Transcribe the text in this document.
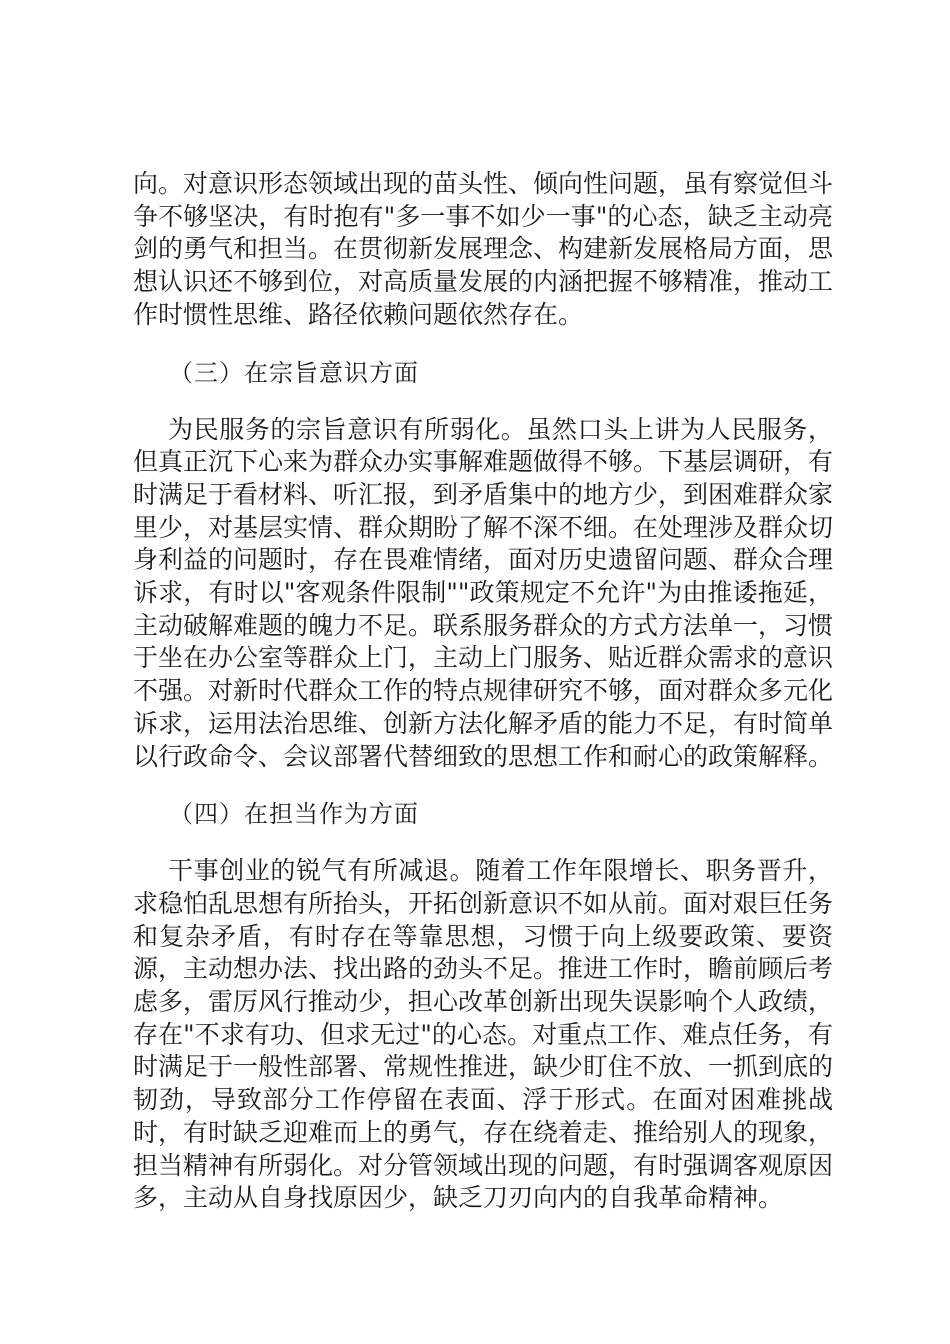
向。对意识形态领域出现的苗头性、倾向性问题，虽有察觉但斗争不够坚决，有时抱有"多一事不如少一事"的心态，缺乏主动亮剑的勇气和担当。在贯彻新发展理念、构建新发展格局方面，思想认识还不够到位，对高质量发展的内涵把握不够精准，推动工作时惯性思维、路径依赖问题依然存在。

（三）在宗旨意识方面

为民服务的宗旨意识有所弱化。虽然口头上讲为人民服务，但真正沉下心来为群众办实事解难题做得不够。下基层调研，有时满足于看材料、听汇报，到矛盾集中的地方少，到困难群众家里少，对基层实情、群众期盼了解不深不细。在处理涉及群众切身利益的问题时，存在畏难情绪，面对历史遗留问题、群众合理诉求，有时以"客观条件限制""政策规定不允许"为由推诿拖延，主动破解难题的魄力不足。联系服务群众的方式方法单一，习惯于坐在办公室等群众上门，主动上门服务、贴近群众需求的意识不强。对新时代群众工作的特点规律研究不够，面对群众多元化诉求，运用法治思维、创新方法化解矛盾的能力不足，有时简单以行政命令、会议部署代替细致的思想工作和耐心的政策解释。

（四）在担当作为方面

干事创业的锐气有所减退。随着工作年限增长、职务晋升，求稳怕乱思想有所抬头，开拓创新意识不如从前。面对艰巨任务和复杂矛盾，有时存在等靠思想，习惯于向上级要政策、要资源，主动想办法、找出路的劲头不足。推进工作时，瞻前顾后考虑多，雷厉风行推动少，担心改革创新出现失误影响个人政绩，存在"不求有功、但求无过"的心态。对重点工作、难点任务，有时满足于一般性部署、常规性推进，缺少盯住不放、一抓到底的韧劲，导致部分工作停留在表面、浮于形式。在面对困难挑战时，有时缺乏迎难而上的勇气，存在绕着走、推给别人的现象，担当精神有所弱化。对分管领域出现的问题，有时强调客观原因多，主动从自身找原因少，缺乏刀刃向内的自我革命精神。
